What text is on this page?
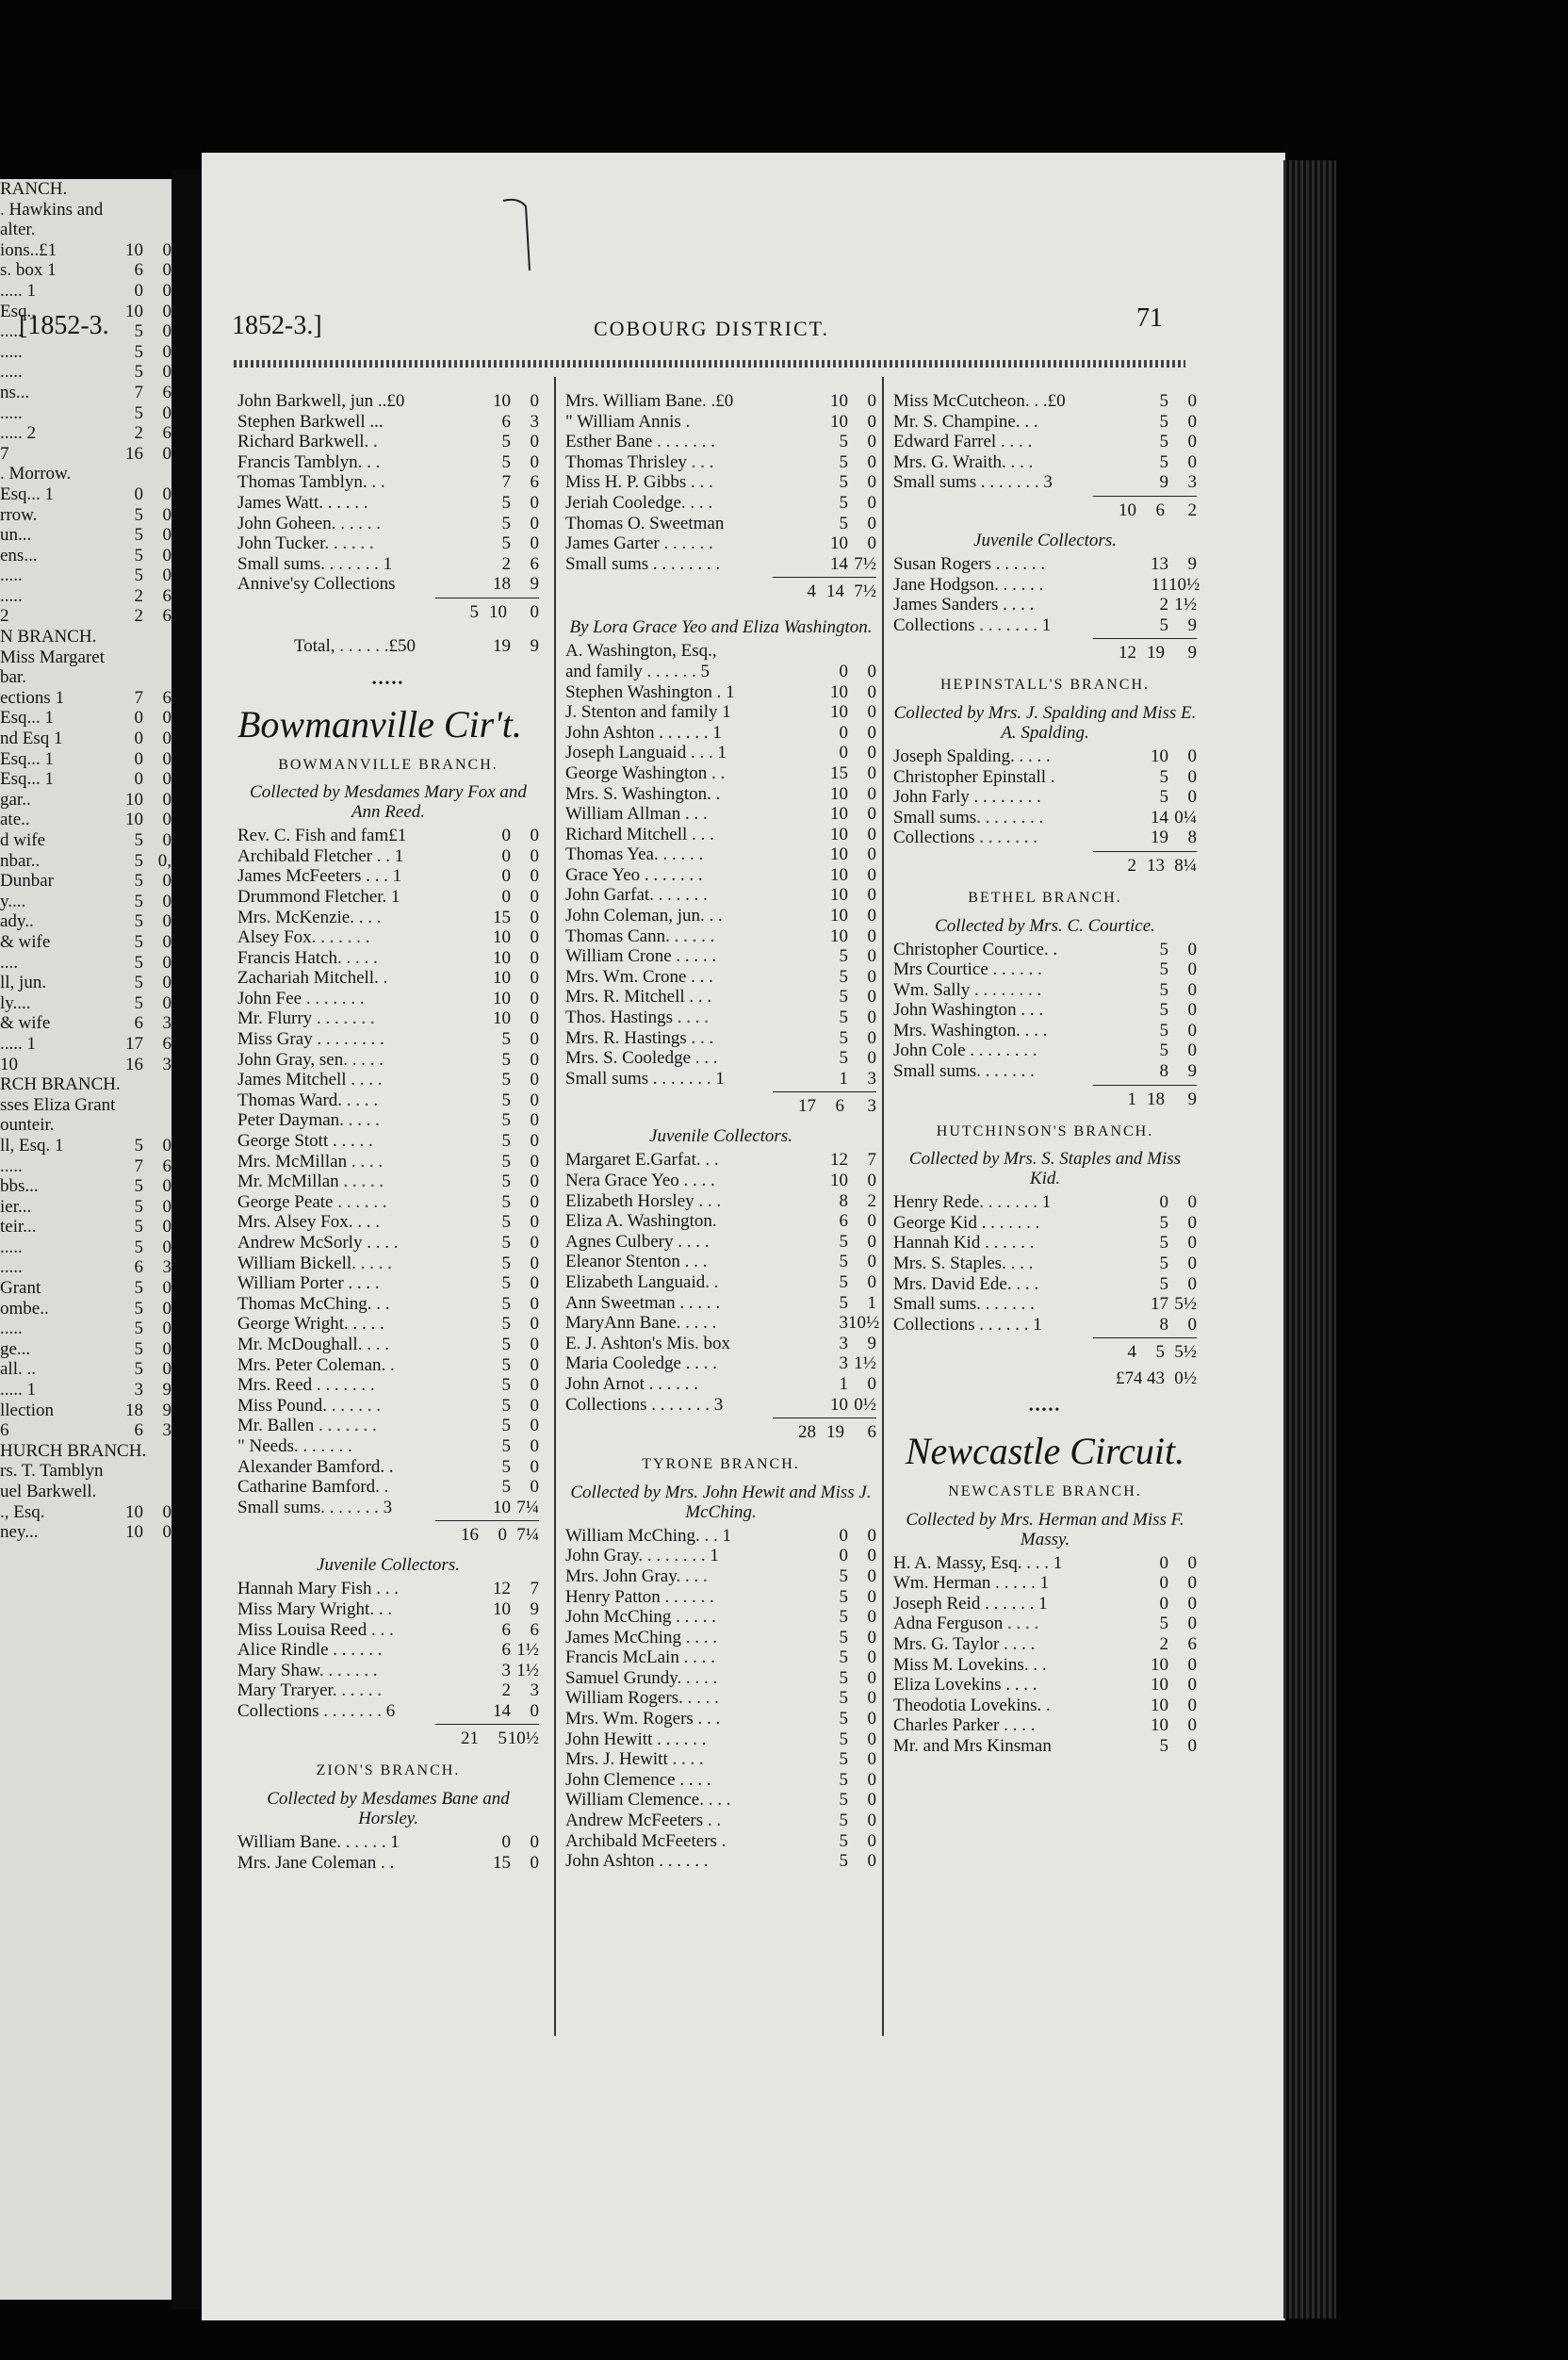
RANCH.
. Hawkins and
alter.
ions..£1	10	0
s. box 1	6	0
..... 1	0	0
Esq..	10	0
.....	5	0
.....	5	0
.....	5	0
ns...	7	6
.....	5	0
..... 2	2	6
7	16	0
. Morrow.
Esq... 1	0	0
rrow.	5	0
un...	5	0
ens...	5	0
.....	5	0
.....	2	6
2	2	6
N BRANCH.
Miss Margaret
bar.
ections 1	7	6
Esq... 1	0	0
nd Esq 1	0	0
Esq... 1	0	0
Esq... 1	0	0
gar..	10	0
ate..	10	0
d wife	5	0
nbar..	5 0,
Dunbar	5	0
y....	5	0
ady..	5	0
& wife	5	0
....	5	0
ll, jun.	5	0
ly....	5	0
& wife	6	3
..... 1	17	6
10	16	3
RCH BRANCH.
sses Eliza Grant
ounteir.
ll, Esq. 1	5	0
.....	7	6
bbs...	5	0
ier...	5	0
teir...	5	0
.....	5	0
.....	6	3
Grant	5	0
ombe..	5	0
.....	5	0
ge...	5	0
all. ..	5	0
..... 1	3	9
llection	18	9
6	6	3
HURCH BRANCH.
rs. T. Tamblyn
uel Barkwell.
., Esq.	10	0
ney...	10	0
[1852-3.	1852-3.]	COBOURG DISTRICT.	71
John Barkwell, jun ..£0	10	0
Stephen Barkwell ...	6	3
Richard Barkwell. .	5	0
Francis Tamblyn. . .	5	0
Thomas Tamblyn. . .	7	6
James Watt. . . . . .	5	0
John Goheen. . . . . .	5	0
John Tucker. . . . . .	5	0
Small sums. . . . . . . 1	2	6
Annive'sy Collections	18	9
5 10	0
Total, . . . . . .£50	19	9
•••••
Bowmanville Cir't.
BOWMANVILLE BRANCH.
Collected by Mesdames Mary Fox and Ann Reed.
Rev. C. Fish and fam£1	0	0
Archibald Fletcher . . 1	0	0
James McFeeters . . . 1	0	0
Drummond Fletcher. 1	0	0
Mrs. McKenzie. . . .	15	0
Alsey Fox. . . . . . .	10	0
Francis Hatch. . . . .	10	0
Zachariah Mitchell. .	10	0
John Fee . . . . . . .	10	0
Mr. Flurry . . . . . . .	10	0
Miss Gray . . . . . . . .	5	0
John Gray, sen. . . . .	5	0
James Mitchell . . . .	5	0
Thomas Ward. . . . .	5	0
Peter Dayman. . . . .	5	0
George Stott . . . . .	5	0
Mrs. McMillan . . . .	5	0
Mr. McMillan . . . . .	5	0
George Peate . . . . . .	5	0
Mrs. Alsey Fox. . . .	5	0
Andrew McSorly . . . .	5	0
William Bickell. . . . .	5	0
William Porter . . . .	5	0
Thomas McChing. . .	5	0
George Wright. . . . .	5	0
Mr. McDoughall. . . .	5	0
Mrs. Peter Coleman. .	5	0
Mrs. Reed . . . . . . .	5	0
Miss Pound. . . . . . .	5	0
Mr. Ballen . . . . . . .	5	0
" Needs. . . . . . .	5	0
Alexander Bamford. .	5	0
Catharine Bamford. .	5	0
Small sums. . . . . . . 3	10 7¼
16	0 7¼
Juvenile Collectors.
Hannah Mary Fish . . .	12	7
Miss Mary Wright. . .	10	9
Miss Louisa Reed . . .	6	6
Alice Rindle . . . . . .	6 1½
Mary Shaw. . . . . . .	3 1½
Mary Traryer. . . . . .	2	3
Collections . . . . . . . 6	14	0
21	5 10½
ZION'S BRANCH.
Collected by Mesdames Bane and Horsley.
William Bane. . . . . . 1	0	0
Mrs. Jane Coleman . .	15	0
Mrs. William Bane. .£0	10	0
" William Annis .	10	0
Esther Bane . . . . . . .	5	0
Thomas Thrisley . . .	5	0
Miss H. P. Gibbs . . .	5	0
Jeriah Cooledge. . . .	5	0
Thomas O. Sweetman	5	0
James Garter . . . . . .	10	0
Small sums . . . . . . . .	14 7½
4 14 7½
By Lora Grace Yeo and Eliza Washington.
A. Washington, Esq.,
and family . . . . . . 5	0	0
Stephen Washington . 1	10	0
J. Stenton and family 1	10	0
John Ashton . . . . . . 1	0	0
Joseph Languaid . . . 1	0	0
George Washington . .	15	0
Mrs. S. Washington. .	10	0
William Allman . . .	10	0
Richard Mitchell . . .	10	0
Thomas Yea. . . . . .	10	0
Grace Yeo . . . . . . .	10	0
John Garfat. . . . . . .	10	0
John Coleman, jun. . .	10	0
Thomas Cann. . . . . .	10	0
William Crone . . . . .	5	0
Mrs. Wm. Crone . . .	5	0
Mrs. R. Mitchell . . .	5	0
Thos. Hastings . . . .	5	0
Mrs. R. Hastings . . .	5	0
Mrs. S. Cooledge . . .	5	0
Small sums . . . . . . . 1	1	3
17	6	3
Juvenile Collectors.
Margaret E.Garfat. . .	12	7
Nera Grace Yeo . . . .	10	0
Elizabeth Horsley . . .	8	2
Eliza A. Washington.	6	0
Agnes Culbery . . . .	5	0
Eleanor Stenton . . .	5	0
Elizabeth Languaid. .	5	0
Ann Sweetman . . . . .	5	1
MaryAnn Bane. . . . .	3 10½
E. J. Ashton's Mis. box	3	9
Maria Cooledge . . . .	3 1½
John Arnot . . . . . .	1	0
Collections . . . . . . . 3	10 0½
28 19	6
TYRONE BRANCH.
Collected by Mrs. John Hewit and Miss J. McChing.
William McChing. . . 1	0	0
John Gray. . . . . . . . 1	0	0
Mrs. John Gray. . . .	5	0
Henry Patton . . . . . .	5	0
John McChing . . . . .	5	0
James McChing . . . .	5	0
Francis McLain . . . .	5	0
Samuel Grundy. . . . .	5	0
William Rogers. . . . .	5	0
Mrs. Wm. Rogers . . .	5	0
John Hewitt . . . . . .	5	0
Mrs. J. Hewitt . . . .	5	0
John Clemence . . . .	5	0
William Clemence. . . .	5	0
Andrew McFeeters . .	5	0
Archibald McFeeters .	5	0
John Ashton . . . . . .	5	0
Miss McCutcheon. . .£0	5	0
Mr. S. Champine. . .	5	0
Edward Farrel . . . .	5	0
Mrs. G. Wraith. . . .	5	0
Small sums . . . . . . . 3	9	3
10	6	2
Juvenile Collectors.
Susan Rogers . . . . . .	13	9
Jane Hodgson. . . . . .	11 10½
James Sanders . . . .	2 1½
Collections . . . . . . . 1	5	9
12 19	9
HEPINSTALL'S BRANCH.
Collected by Mrs. J. Spalding and Miss E. A. Spalding.
Joseph Spalding. . . . .	10	0
Christopher Epinstall .	5	0
John Farly . . . . . . . .	5	0
Small sums. . . . . . . .	14 0¼
Collections . . . . . . .	19	8
2 13 8¼
BETHEL BRANCH.
Collected by Mrs. C. Courtice.
Christopher Courtice. .	5	0
Mrs Courtice . . . . . .	5	0
Wm. Sally . . . . . . . .	5	0
John Washington . . .	5	0
Mrs. Washington. . . .	5	0
John Cole . . . . . . . .	5	0
Small sums. . . . . . .	8	9
1 18	9
HUTCHINSON'S BRANCH.
Collected by Mrs. S. Staples and Miss Kid.
Henry Rede. . . . . . . 1	0	0
George Kid . . . . . . .	5	0
Hannah Kid . . . . . .	5	0
Mrs. S. Staples. . . .	5	0
Mrs. David Ede. . . .	5	0
Small sums. . . . . . .	17 5½
Collections . . . . . . 1	8	0
4	5 5½
£74 43 0½
•••••
Newcastle Circuit.
NEWCASTLE BRANCH.
Collected by Mrs. Herman and Miss F. Massy.
H. A. Massy, Esq. . . . 1	0	0
Wm. Herman . . . . . 1	0	0
Joseph Reid . . . . . . 1	0	0
Adna Ferguson . . . .	5	0
Mrs. G. Taylor . . . .	2	6
Miss M. Lovekins. . .	10	0
Eliza Lovekins . . . .	10	0
Theodotia Lovekins. .	10	0
Charles Parker . . . .	10	0
Mr. and Mrs Kinsman	5	0
